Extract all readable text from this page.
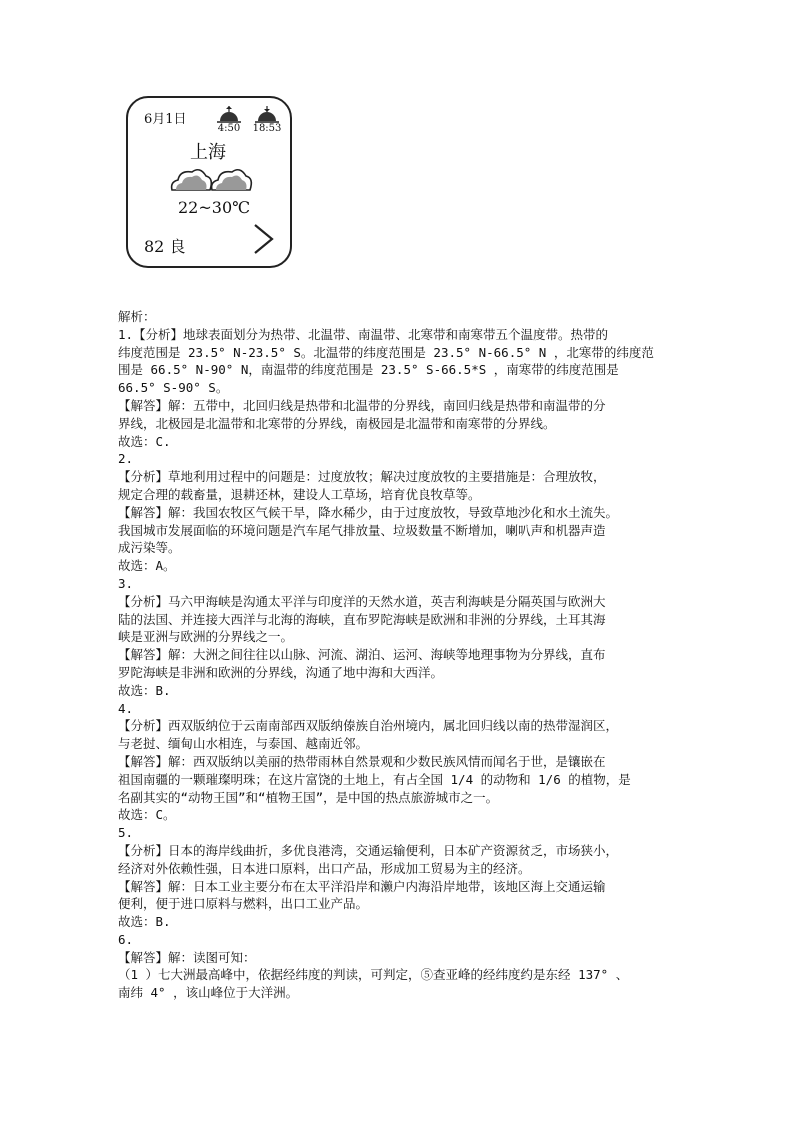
6月1日
4:50	18:53
上海
22~30℃
82 良
解析：
1.【分析】地球表面划分为热带、北温带、南温带、北寒带和南寒带五个温度带。热带的
纬度范围是 23.5° N-23.5° S。北温带的纬度范围是 23.5° N-66.5° N ，北寒带的纬度范
围是 66.5° N-90° N，南温带的纬度范围是 23.5° S-66.5*S ，南寒带的纬度范围是
66.5° S-90° S。
【解答】解：五带中，北回归线是热带和北温带的分界线，南回归线是热带和南温带的分
界线，北极园是北温带和北寒带的分界线，南极园是北温带和南寒带的分界线。
故选：C.
2.
【分析】草地利用过程中的问题是：过度放牧；解决过度放牧的主要措施是：合理放牧，
规定合理的载畜量，退耕还林，建设人工草场，培育优良牧草等。
【解答】解：我国农牧区气候干旱，降水稀少，由于过度放牧，导致草地沙化和水土流失。
我国城市发展面临的环境问题是汽车尾气排放量、垃圾数量不断增加，喇叭声和机器声造
成污染等。
故选：A。
3.
【分析】马六甲海峡是沟通太平洋与印度洋的天然水道，英吉利海峡是分隔英国与欧洲大
陆的法国、并连接大西洋与北海的海峡，直布罗陀海峡是欧洲和非洲的分界线，土耳其海
峡是亚洲与欧洲的分界线之一。
【解答】解：大洲之间往往以山脉、河流、湖泊、运河、海峡等地理事物为分界线，直布
罗陀海峡是非洲和欧洲的分界线，沟通了地中海和大西洋。
故选：B.
4.
【分析】西双版纳位于云南南部西双版纳傣族自治州境内，属北回归线以南的热带湿润区，
与老挝、缅甸山水相连，与泰国、越南近邻。
【解答】解：西双版纳以美丽的热带雨林自然景观和少数民族风情而闻名于世，是镶嵌在
祖国南疆的一颗璀璨明珠；在这片富饶的土地上，有占全国 1/4 的动物和 1/6 的植物，是
名副其实的“动物王国”和“植物王国”，是中国的热点旅游城市之一。
故选：C。
5.
【分析】日本的海岸线曲折，多优良港湾，交通运输便利，日本矿产资源贫乏，市场狭小，
经济对外依赖性强，日本进口原料，出口产品，形成加工贸易为主的经济。
【解答】解：日本工业主要分布在太平洋沿岸和濑户内海沿岸地带，该地区海上交通运输
便利，便于进口原料与燃料，出口工业产品。
故选：B.
6.
【解答】解：读图可知：
（1 ）七大洲最高峰中，依据经纬度的判读，可判定，⑤查亚峰的经纬度约是东经 137° 、
南纬 4° ，该山峰位于大洋洲。
